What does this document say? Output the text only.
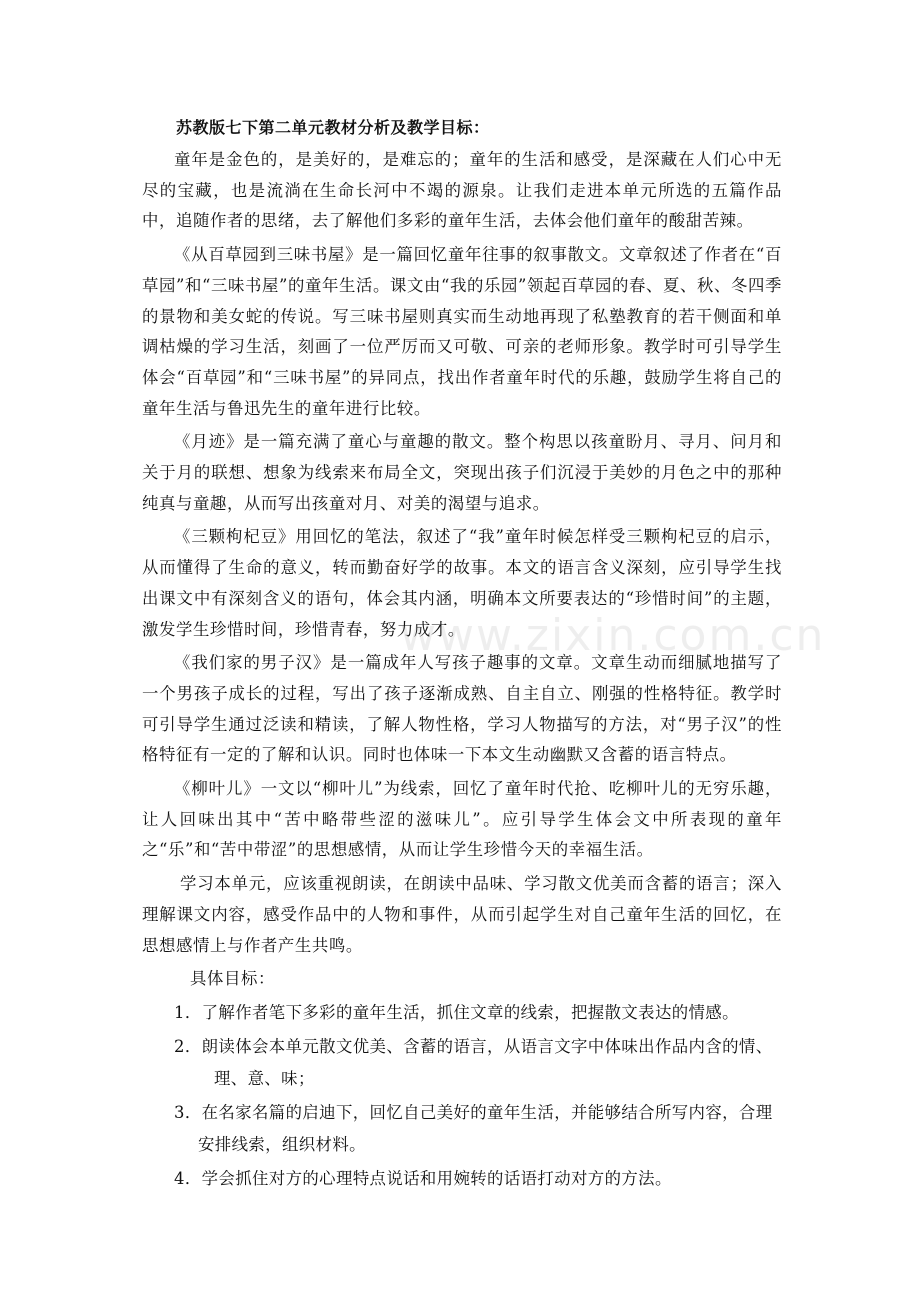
苏教版七下第二单元教材分析及教学目标：

童年是金色的，是美好的，是难忘的；童年的生活和感受，是深藏在人们心中无尽的宝藏，也是流淌在生命长河中不竭的源泉。让我们走进本单元所选的五篇作品中，追随作者的思绪，去了解他们多彩的童年生活，去体会他们童年的酸甜苦辣。

《从百草园到三味书屋》是一篇回忆童年往事的叙事散文。文章叙述了作者在“百草园”和“三味书屋”的童年生活。课文由“我的乐园”领起百草园的春、夏、秋、冬四季的景物和美女蛇的传说。写三味书屋则真实而生动地再现了私塾教育的若干侧面和单调枯燥的学习生活，刻画了一位严厉而又可敬、可亲的老师形象。教学时可引导学生体会“百草园”和“三味书屋”的异同点，找出作者童年时代的乐趣，鼓励学生将自己的童年生活与鲁迅先生的童年进行比较。

《月迹》是一篇充满了童心与童趣的散文。整个构思以孩童盼月、寻月、问月和关于月的联想、想象为线索来布局全文，突现出孩子们沉浸于美妙的月色之中的那种纯真与童趣，从而写出孩童对月、对美的渴望与追求。

《三颗枸杞豆》用回忆的笔法，叙述了“我”童年时候怎样受三颗枸杞豆的启示，从而懂得了生命的意义，转而勤奋好学的故事。本文的语言含义深刻，应引导学生找出课文中有深刻含义的语句，体会其内涵，明确本文所要表达的“珍惜时间”的主题，激发学生珍惜时间，珍惜青春，努力成才。

《我们家的男子汉》是一篇成年人写孩子趣事的文章。文章生动而细腻地描写了一个男孩子成长的过程，写出了孩子逐渐成熟、自主自立、刚强的性格特征。教学时可引导学生通过泛读和精读，了解人物性格，学习人物描写的方法，对“男子汉”的性格特征有一定的了解和认识。同时也体味一下本文生动幽默又含蓄的语言特点。

《柳叶儿》一文以“柳叶儿”为线索，回忆了童年时代抢、吃柳叶儿的无穷乐趣，让人回味出其中“苦中略带些涩的滋味儿”。应引导学生体会文中所表现的童年之“乐”和“苦中带涩”的思想感情，从而让学生珍惜今天的幸福生活。

学习本单元，应该重视朗读，在朗读中品味、学习散文优美而含蓄的语言；深入理解课文内容，感受作品中的人物和事件，从而引起学生对自己童年生活的回忆，在思想感情上与作者产生共鸣。

具体目标：
1．了解作者笔下多彩的童年生活，抓住文章的线索，把握散文表达的情感。
2．朗读体会本单元散文优美、含蓄的语言，从语言文字中体味出作品内含的情、理、意、味；
3．在名家名篇的启迪下，回忆自己美好的童年生活，并能够结合所写内容，合理安排线索，组织材料。
4．学会抓住对方的心理特点说话和用婉转的话语打动对方的方法。
www.zixin.com.cn
